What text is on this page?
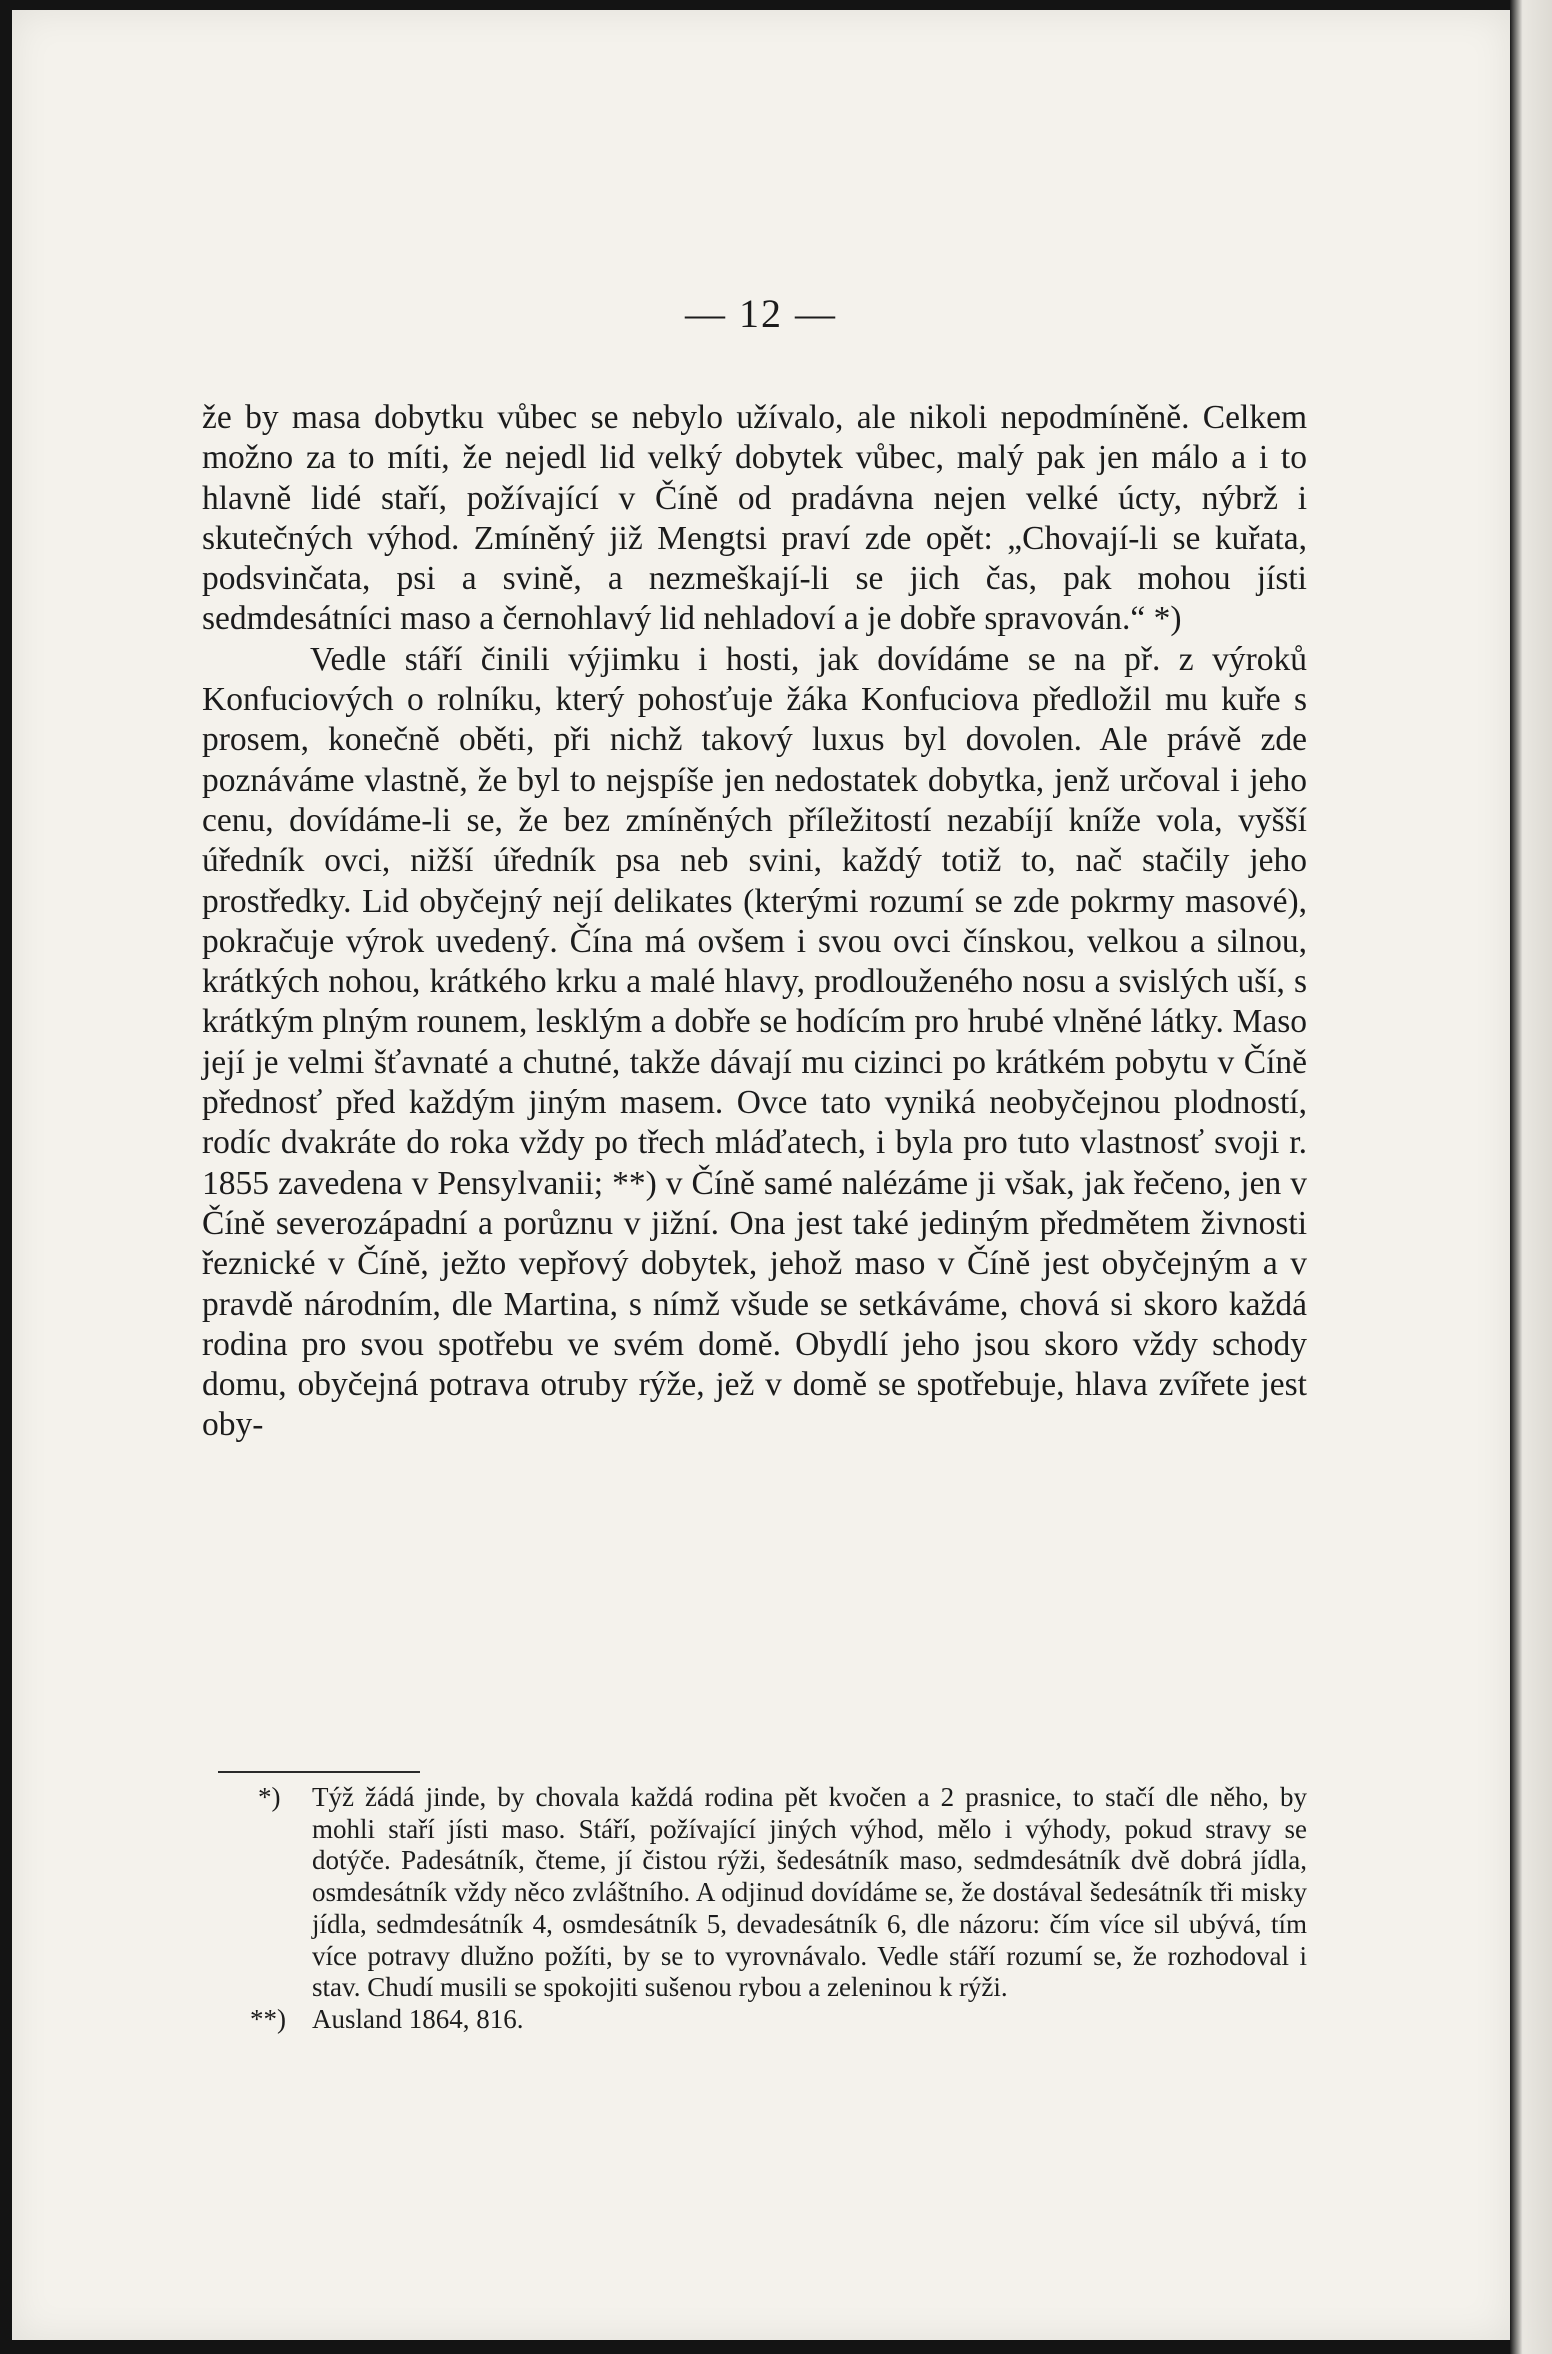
— 12 —

že by masa dobytku vůbec se nebylo užívalo, ale nikoli nepodmíněně. Celkem možno za to míti, že nejedl lid velký dobytek vůbec, malý pak jen málo a i to hlavně lidé staří, požívající v Číně od pradávna nejen velké úcty, nýbrž i skutečných výhod. Zmíněný již Mengtsi praví zde opět: „Chovají-li se kuřata, podsvinčata, psi a svině, a nezmeškají-li se jich čas, pak mohou jísti sedmdesátníci maso a černohlavý lid nehladoví a je dobře spravován.“ *)

Vedle stáří činili výjimku i hosti, jak dovídáme se na př. z výroků Konfuciových o rolníku, který pohosťuje žáka Konfuciova předložil mu kuře s prosem, konečně oběti, při nichž takový luxus byl dovolen. Ale právě zde poznáváme vlastně, že byl to nejspíše jen nedostatek dobytka, jenž určoval i jeho cenu, dovídáme-li se, že bez zmíněných příležitostí nezabíjí kníže vola, vyšší úředník ovci, nižší úředník psa neb svini, každý totiž to, nač stačily jeho prostředky. Lid obyčejný nejí delikates (kterými rozumí se zde pokrmy masové), pokračuje výrok uvedený. Čína má ovšem i svou ovci čínskou, velkou a silnou, krátkých nohou, krátkého krku a malé hlavy, prodlouženého nosu a svislých uší, s krátkým plným rounem, lesklým a dobře se hodícím pro hrubé vlněné látky. Maso její je velmi šťavnaté a chutné, takže dávají mu cizinci po krátkém pobytu v Číně přednosť před každým jiným masem. Ovce tato vyniká neobyčejnou plodností, rodíc dvakráte do roka vždy po třech mláďatech, i byla pro tuto vlastnosť svoji r. 1855 zavedena v Pensylvanii; **) v Číně samé nalézáme ji však, jak řečeno, jen v Číně severozápadní a porůznu v jižní. Ona jest také jediným předmětem živnosti řeznické v Číně, ježto vepřový dobytek, jehož maso v Číně jest obyčejným a v pravdě národním, dle Martina, s nímž všude se setkáváme, chová si skoro každá rodina pro svou spotřebu ve svém domě. Obydlí jeho jsou skoro vždy schody domu, obyčejná potrava otruby rýže, jež v domě se spotřebuje, hlava zvířete jest oby-

*) Týž žádá jinde, by chovala každá rodina pět kvočen a 2 prasnice, to stačí dle něho, by mohli staří jísti maso. Stáří, požívající jiných výhod, mělo i výhody, pokud stravy se dotýče. Padesátník, čteme, jí čistou rýži, šedesátník maso, sedmdesátník dvě dobrá jídla, osmdesátník vždy něco zvláštního. A odjinud dovídáme se, že dostával šedesátník tři misky jídla, sedmdesátník 4, osmdesátník 5, devadesátník 6, dle názoru: čím více sil ubývá, tím více potravy dlužno požíti, by se to vyrovnávalo. Vedle stáří rozumí se, že rozhodoval i stav. Chudí musili se spokojiti sušenou rybou a zeleninou k rýži.
**) Ausland 1864, 816.
